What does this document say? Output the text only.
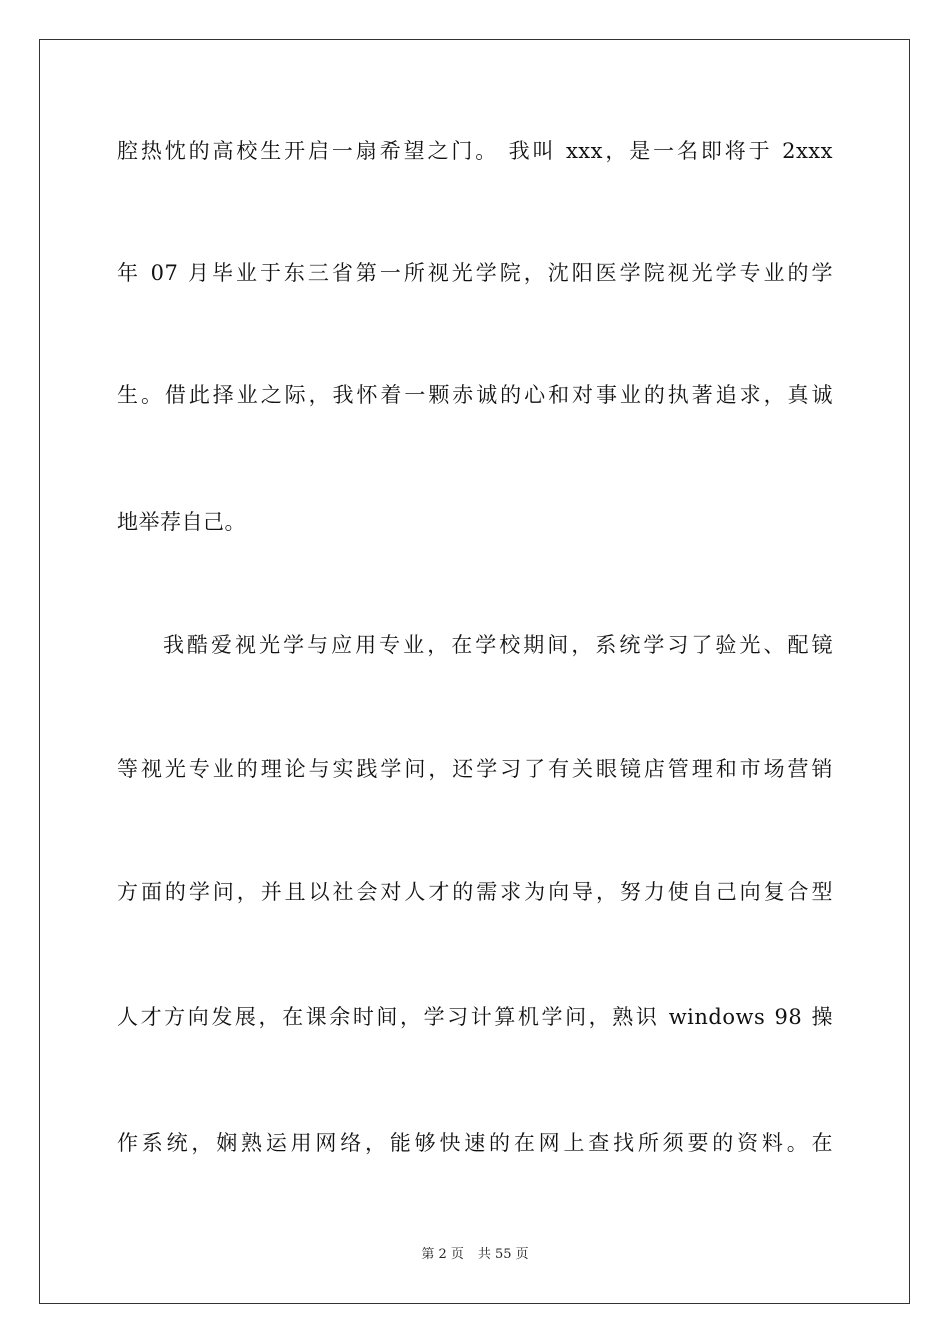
腔热忱的高校生开启一扇希望之门。 我叫 xxx，是一名即将于 2xxx
年 07 月毕业于东三省第一所视光学院，沈阳医学院视光学专业的学
生。借此择业之际，我怀着一颗赤诚的心和对事业的执著追求，真诚
地举荐自己。
我酷爱视光学与应用专业，在学校期间，系统学习了验光、配镜
等视光专业的理论与实践学问，还学习了有关眼镜店管理和市场营销
方面的学问，并且以社会对人才的需求为向导，努力使自己向复合型
人才方向发展，在课余时间，学习计算机学问，熟识 windows 98 操
作系统，娴熟运用网络，能够快速的在网上查找所须要的资料。在
第 2 页 共 55 页
